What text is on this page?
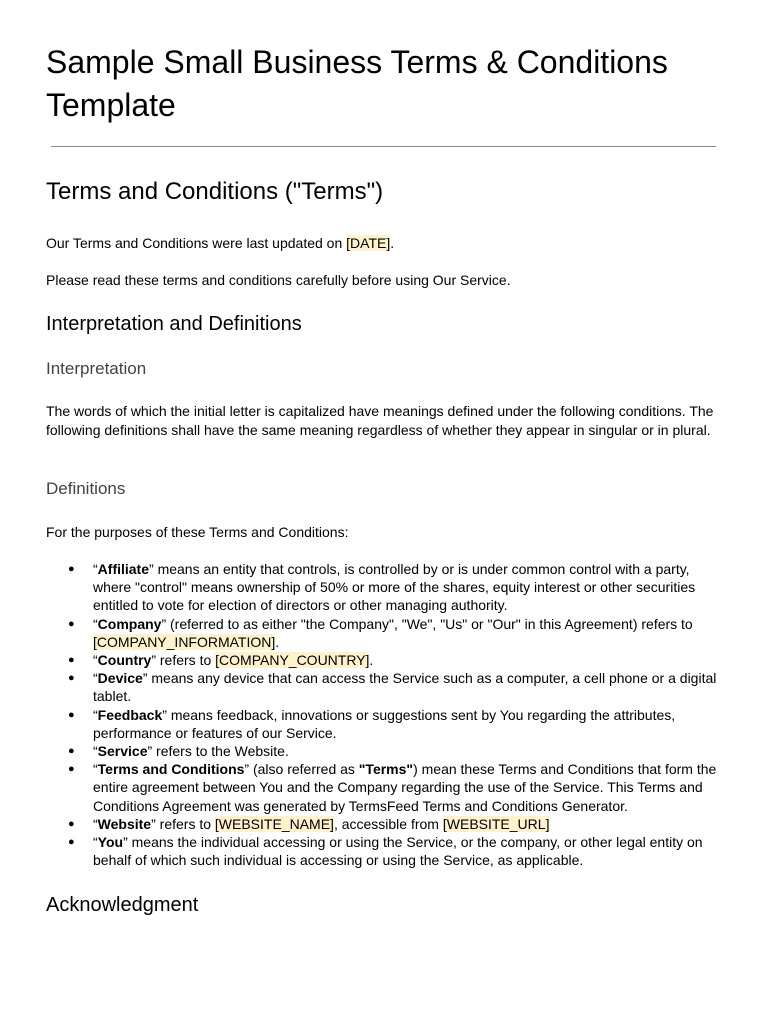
Sample Small Business Terms & Conditions Template
Terms and Conditions ("Terms")

Our Terms and Conditions were last updated on [DATE].

Please read these terms and conditions carefully before using Our Service.

Interpretation and Definitions
Interpretation

The words of which the initial letter is capitalized have meanings defined under the following conditions. The following definitions shall have the same meaning regardless of whether they appear in singular or in plural.

Definitions

For the purposes of these Terms and Conditions:

● “Affiliate” means an entity that controls, is controlled by or is under common control with a party, where "control" means ownership of 50% or more of the shares, equity interest or other securities entitled to vote for election of directors or other managing authority.
● “Company” (referred to as either "the Company", "We", "Us" or "Our" in this Agreement) refers to [COMPANY_INFORMATION].
● “Country” refers to [COMPANY_COUNTRY].
● “Device” means any device that can access the Service such as a computer, a cell phone or a digital tablet.
● “Feedback” means feedback, innovations or suggestions sent by You regarding the attributes, performance or features of our Service.
● “Service” refers to the Website.
● “Terms and Conditions” (also referred as "Terms") mean these Terms and Conditions that form the entire agreement between You and the Company regarding the use of the Service. This Terms and Conditions Agreement was generated by TermsFeed Terms and Conditions Generator.
● “Website” refers to [WEBSITE_NAME], accessible from [WEBSITE_URL]
● “You” means the individual accessing or using the Service, or the company, or other legal entity on behalf of which such individual is accessing or using the Service, as applicable.
Acknowledgment
